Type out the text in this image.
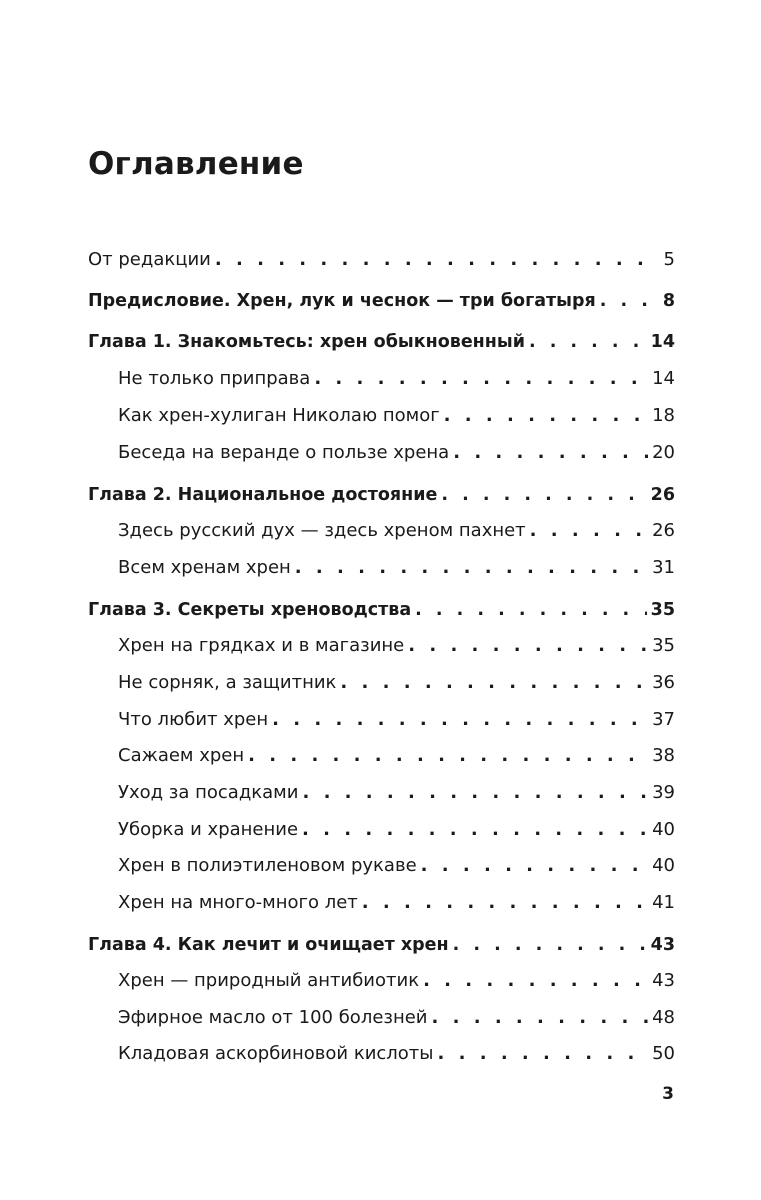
Оглавление
От редакции . . .	5
Предисловие. Хрен, лук и чеснок — три богатыря . . .	8
Глава 1. Знакомьтесь: хрен обыкновенный . . .	14
Не только приправа . . .	14
Как хрен-хулиган Николаю помог . . .	18
Беседа на веранде о пользе хрена . . .	20
Глава 2. Национальное достояние . . .	26
Здесь русский дух — здесь хреном пахнет . . .	26
Всем хренам хрен . . .	31
Глава 3. Секреты хреноводства . . .	35
Хрен на грядках и в магазине . . .	35
Не сорняк, а защитник . . .	36
Что любит хрен . . .	37
Сажаем хрен . . .	38
Уход за посадками . . .	39
Уборка и хранение . . .	40
Хрен в полиэтиленовом рукаве . . .	40
Хрен на много-много лет . . .	41
Глава 4. Как лечит и очищает хрен . . .	43
Хрен — природный антибиотик . . .	43
Эфирное масло от 100 болезней . . .	48
Кладовая аскорбиновой кислоты . . .	50
3
